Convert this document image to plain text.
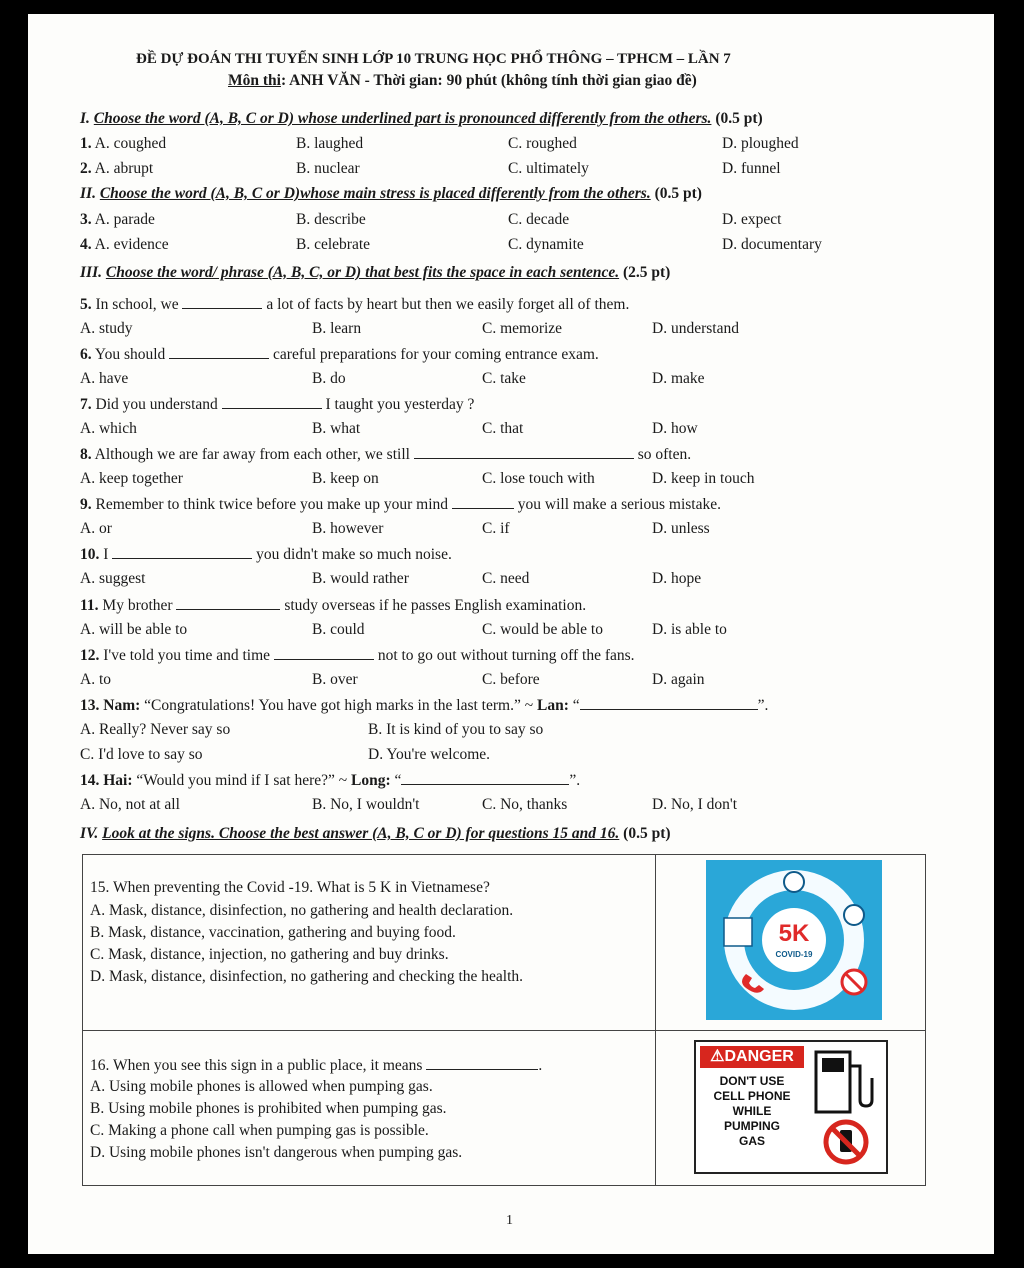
ĐỀ DỰ ĐOÁN THI TUYỂN SINH LỚP 10 TRUNG HỌC PHỔ THÔNG – TPHCM – LẦN 7
Môn thi: ANH VĂN - Thời gian: 90 phút (không tính thời gian giao đề)
I. Choose the word (A, B, C or D) whose underlined part is pronounced differently from the others. (0.5 pt)
1. A. coughed	B. laughed	C. roughed	D. ploughed
2. A. abrupt	B. nuclear	C. ultimately	D. funnel
II. Choose the word (A, B, C or D)whose main stress is placed differently from the others. (0.5 pt)
3. A. parade	B. describe	C. decade	D. expect
4. A. evidence	B. celebrate	C. dynamite	D. documentary
III. Choose the word/ phrase (A, B, C, or D) that best fits the space in each sentence. (2.5 pt)
5. In school, we	a lot of facts by heart but then we easily forget all of them.
A. study	B. learn	C. memorize	D. understand
6. You should	careful preparations for your coming entrance exam.
A. have	B. do	C. take	D. make
7. Did you understand	I taught you yesterday ?
A. which	B. what	C. that	D. how
8. Although we are far away from each other, we still	so often.
A. keep together	B. keep on	C. lose touch with	D. keep in touch
9. Remember to think twice before you make up your mind	you will make a serious mistake.
A. or	B. however	C. if	D. unless
10. I	you didn't make so much noise.
A. suggest	B. would rather	C. need	D. hope
11. My brother	study overseas if he passes English examination.
A. will be able to	B. could	C. would be able to	D. is able to
12. I've told you time and time	not to go out without turning off the fans.
A. to	B. over	C. before	D. again
13. Nam: “Congratulations! You have got high marks in the last term.” ~ Lan: “	”.
A. Really? Never say so	B. It is kind of you to say so
C. I'd love to say so	D. You're welcome.
14. Hai: “Would you mind if I sat here?” ~ Long: “	”.
A. No, not at all	B. No, I wouldn't	C. No, thanks	D. No, I don't
IV. Look at the signs. Choose the best answer (A, B, C or D) for questions 15 and 16. (0.5 pt)
15. When preventing the Covid -19. What is 5 K in Vietnamese?
A. Mask, distance, disinfection, no gathering and health declaration.
B. Mask, distance, vaccination, gathering and buying food.
C. Mask, distance, injection, no gathering and buy drinks.
D. Mask, distance, disinfection, no gathering and checking the health.
5K
COVID-19
16. When you see this sign in a public place, it means	.
A. Using mobile phones is allowed when pumping gas.
B. Using mobile phones is prohibited when pumping gas.
C. Making a phone call when pumping gas is possible.
D. Using mobile phones isn't dangerous when pumping gas.
⚠DANGER
DON'T USE
CELL PHONE
WHILE
PUMPING
GAS
1
